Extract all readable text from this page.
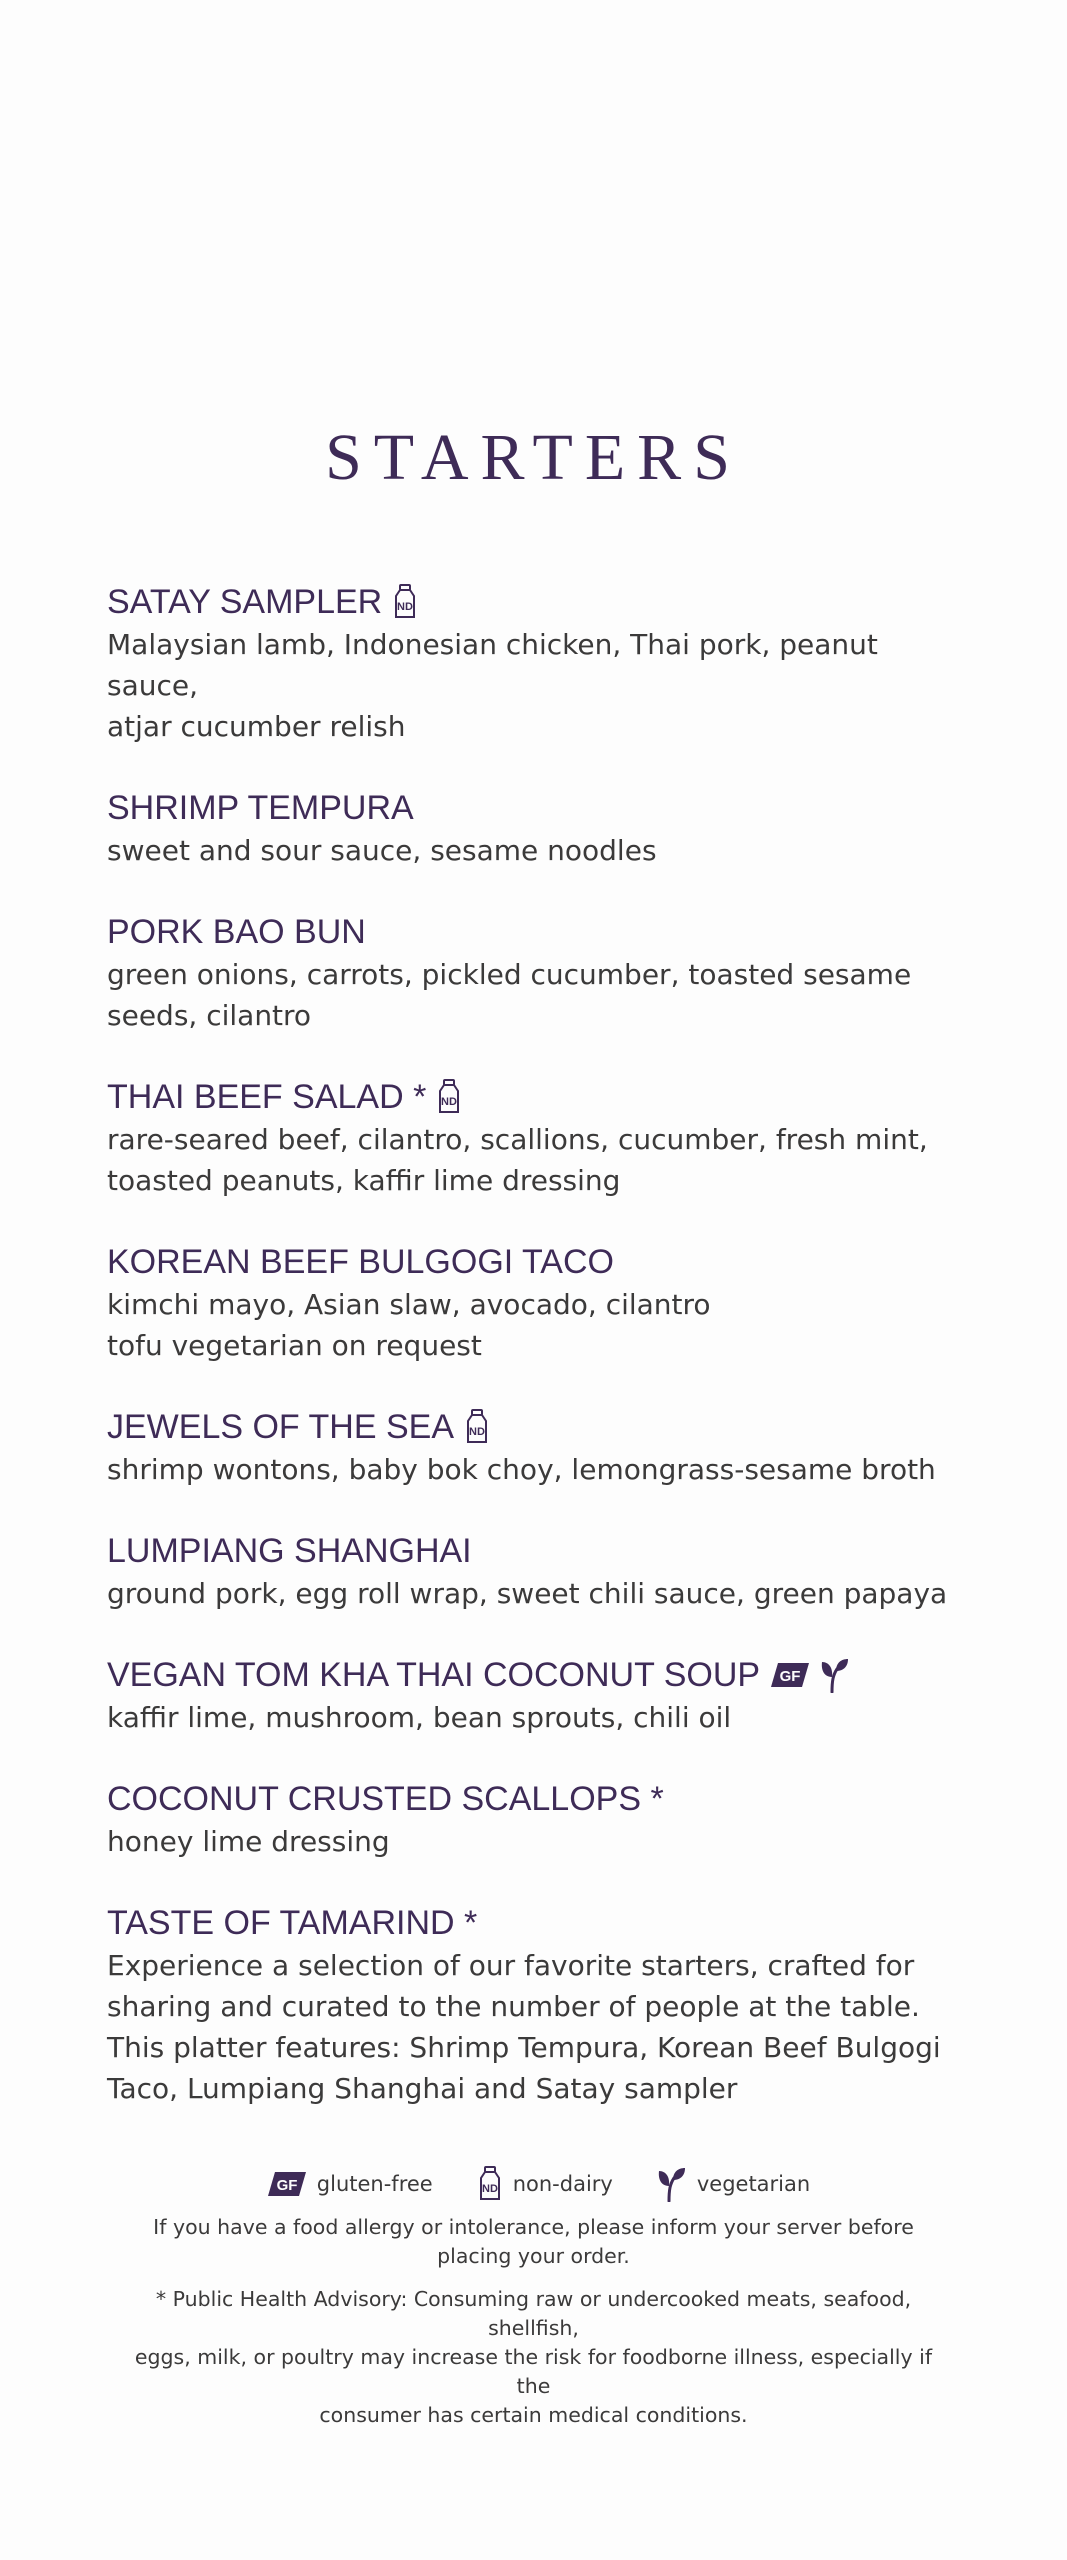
STARTERS
SATAY SAMPLER ND
Malaysian lamb, Indonesian chicken, Thai pork, peanut sauce,
atjar cucumber relish
SHRIMP TEMPURA
sweet and sour sauce, sesame noodles
PORK BAO BUN
green onions, carrots, pickled cucumber, toasted sesame
seeds, cilantro
THAI BEEF SALAD * ND
rare-seared beef, cilantro, scallions, cucumber, fresh mint,
toasted peanuts, kaffir lime dressing
KOREAN BEEF BULGOGI TACO
kimchi mayo, Asian slaw, avocado, cilantro
tofu vegetarian on request
JEWELS OF THE SEA ND
shrimp wontons, baby bok choy, lemongrass-sesame broth
LUMPIANG SHANGHAI
ground pork, egg roll wrap, sweet chili sauce, green papaya
VEGAN TOM KHA THAI COCONUT SOUP GF
kaffir lime, mushroom, bean sprouts, chili oil
COCONUT CRUSTED SCALLOPS *
honey lime dressing
TASTE OF TAMARIND *
Experience a selection of our favorite starters, crafted for
sharing and curated to the number of people at the table.
This platter features: Shrimp Tempura, Korean Beef Bulgogi
Taco, Lumpiang Shanghai and Satay sampler
GF gluten-free	ND non-dairy	vegetarian
If you have a food allergy or intolerance, please inform your server before
placing your order.
* Public Health Advisory: Consuming raw or undercooked meats, seafood, shellfish,
eggs, milk, or poultry may increase the risk for foodborne illness, especially if the
consumer has certain medical conditions.
